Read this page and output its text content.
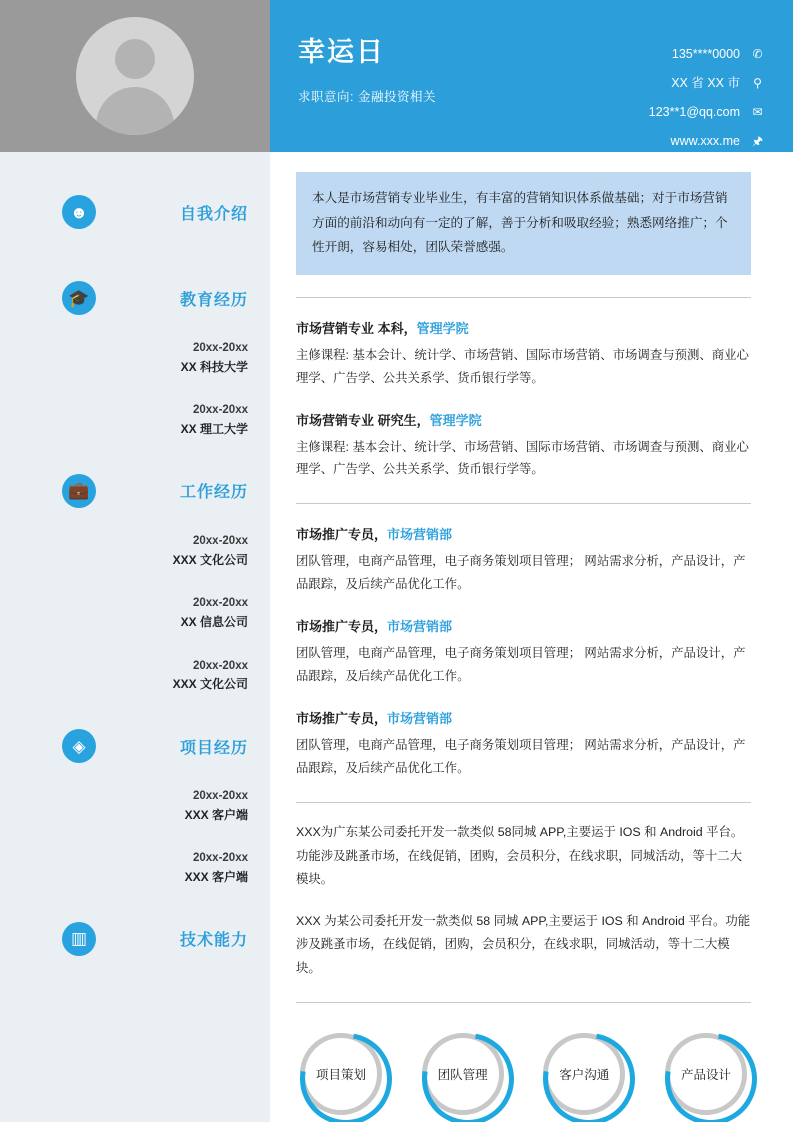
☻	自我介绍
🎓	教育经历
20xx-20xx
XX 科技大学
20xx-20xx
XX 理工大学
💼	工作经历
20xx-20xx
XXX 文化公司
20xx-20xx
XX 信息公司
20xx-20xx
XXX 文化公司
◈	项目经历
20xx-20xx
XXX 客户端
20xx-20xx
XXX 客户端
▥	技术能力
幸运日
求职意向: 金融投资相关
135****0000 ✆
XX 省 XX 市 ⚲
123**1@qq.com ✉
www.xxx.me 🖈
本人是市场营销专业毕业生，有丰富的营销知识体系做基础；对于市场营销方面的前沿和动向有一定的了解，善于分析和吸取经验；熟悉网络推广；个性开朗，容易相处，团队荣誉感强。
市场营销专业 本科，管理学院
主修课程: 基本会计、统计学、市场营销、国际市场营销、市场调查与预测、商业心理学、广告学、公共关系学、货币银行学等。
市场营销专业 研究生，管理学院
主修课程: 基本会计、统计学、市场营销、国际市场营销、市场调查与预测、商业心理学、广告学、公共关系学、货币银行学等。
市场推广专员，市场营销部
团队管理，电商产品管理，电子商务策划项目管理； 网站需求分析，产品设计，产品跟踪，及后续产品优化工作。
市场推广专员，市场营销部
团队管理，电商产品管理，电子商务策划项目管理； 网站需求分析，产品设计，产品跟踪，及后续产品优化工作。
市场推广专员，市场营销部
团队管理，电商产品管理，电子商务策划项目管理； 网站需求分析，产品设计，产品跟踪，及后续产品优化工作。
XXX为广东某公司委托开发一款类似 58同城 APP,主要运于 IOS 和 Android 平台。功能涉及跳蚤市场，在线促销，团购，会员积分，在线求职，同城活动，等十二大模块。
XXX 为某公司委托开发一款类似 58 同城 APP,主要运于 IOS 和 Android 平台。功能涉及跳蚤市场，在线促销，团购，会员积分，在线求职，同城活动，等十二大模块。
项目策划	团队管理	客户沟通	产品设计
